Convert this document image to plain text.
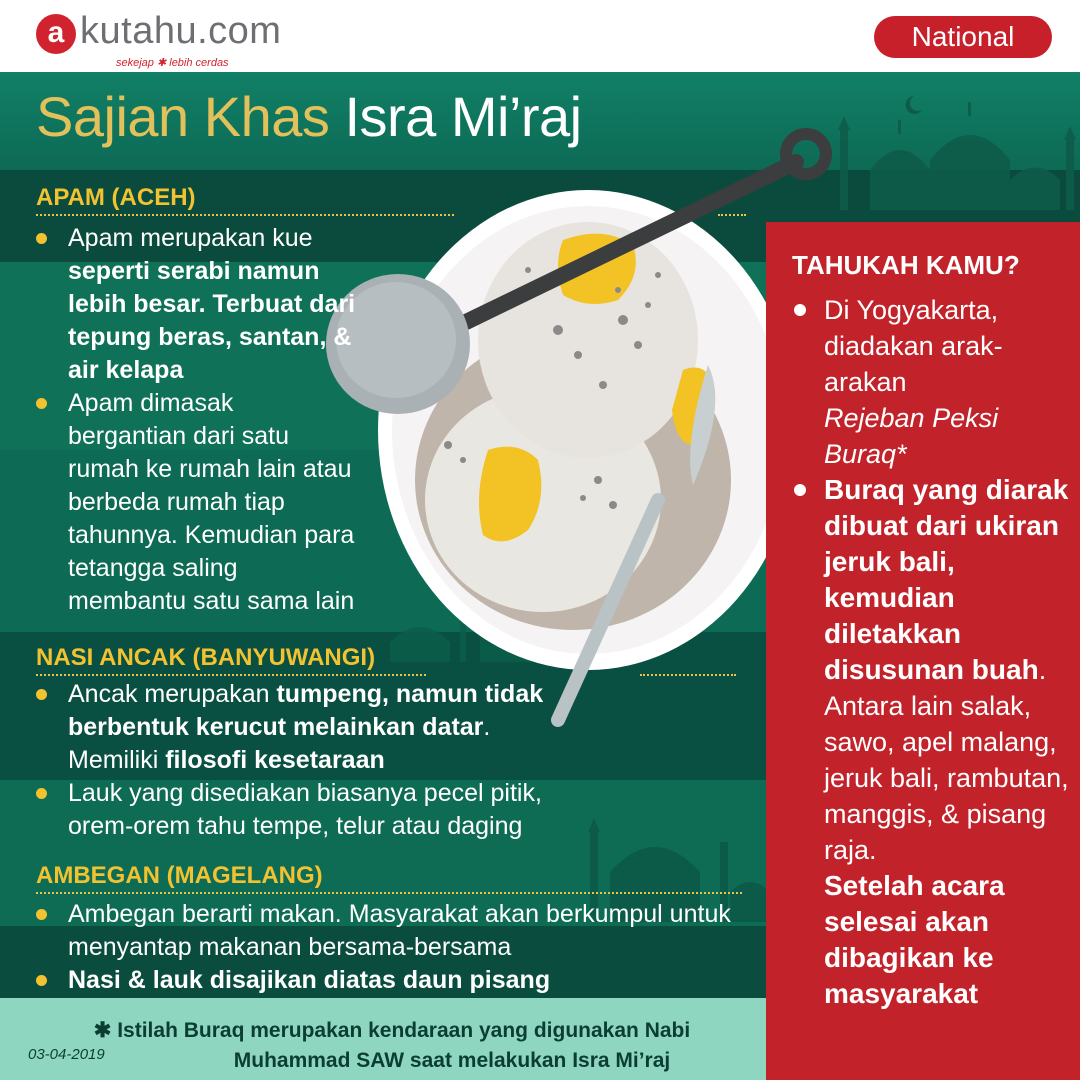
a kutahu.com
sekejap ✱ lebih cerdas
National
Sajian Khas Isra Mi’raj
APAM (ACEH)
Apam merupakan kue seperti serabi namun lebih besar. Terbuat dari tepung beras, santan, & air kelapa
Apam dimasak bergantian dari satu rumah ke rumah lain atau berbeda rumah tiap tahunnya. Kemudian para tetangga saling membantu satu sama lain
NASI ANCAK (BANYUWANGI)
Ancak merupakan tumpeng, namun tidak berbentuk kerucut melainkan datar. Memiliki filosofi kesetaraan
Lauk yang disediakan biasanya pecel pitik, orem-orem tahu tempe, telur atau daging
AMBEGAN (MAGELANG)
Ambegan berarti makan. Masyarakat akan berkumpul untuk menyantap makanan bersama-bersama
Nasi & lauk disajikan diatas daun pisang
TAHUKAH KAMU?
Di Yogyakarta, diadakan arak-arakan
Rejeban Peksi Buraq*
Buraq yang diarak dibuat dari ukiran jeruk bali, kemudian diletakkan disusunan buah. Antara lain salak, sawo, apel malang, jeruk bali, rambutan, manggis, & pisang raja.
Setelah acara selesai akan dibagikan ke masyarakat
✱ Istilah Buraq merupakan kendaraan yang digunakan Nabi
Muhammad SAW saat melakukan Isra Mi’raj
03-04-2019
